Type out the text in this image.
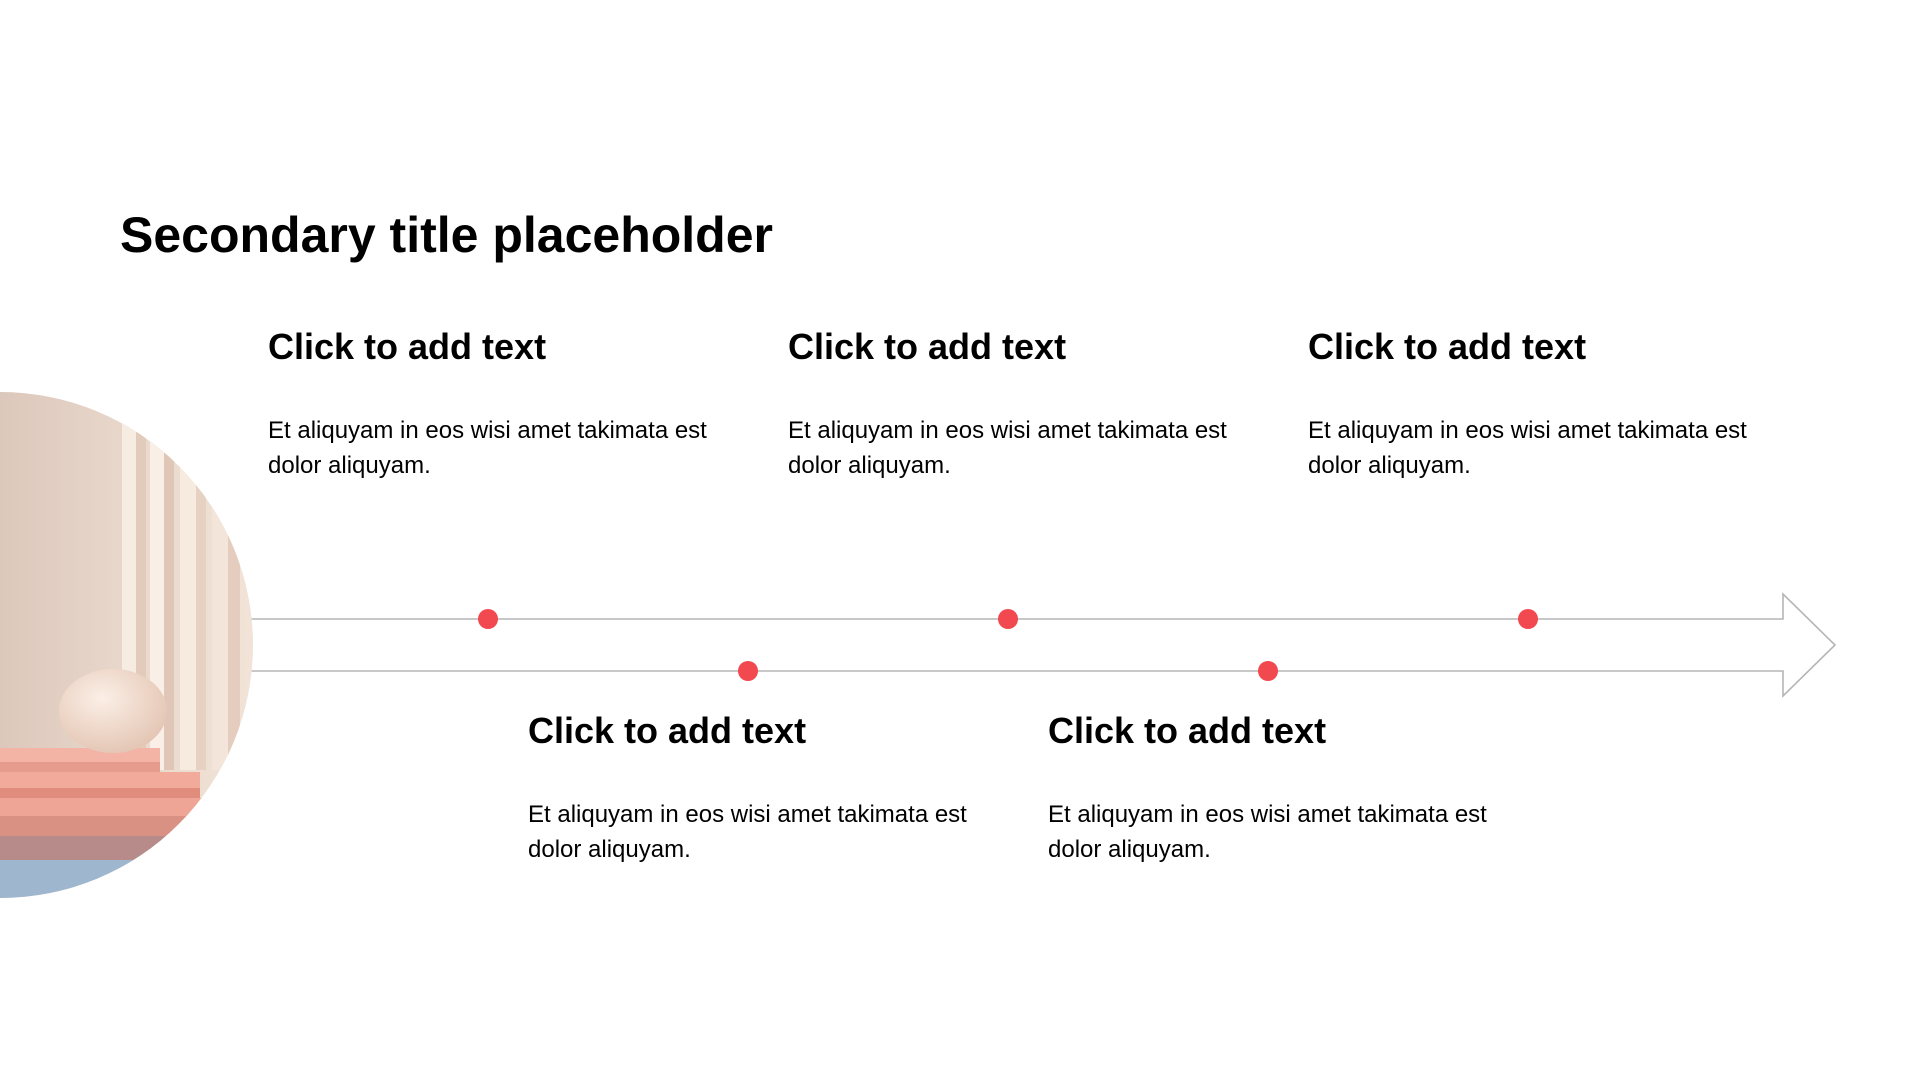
Secondary title placeholder
Click to add text

Et aliquyam in eos wisi amet takimata est dolor aliquyam.

Click to add text

Et aliquyam in eos wisi amet takimata est dolor aliquyam.

Click to add text

Et aliquyam in eos wisi amet takimata est dolor aliquyam.

Click to add text

Et aliquyam in eos wisi amet takimata est dolor aliquyam.

Click to add text

Et aliquyam in eos wisi amet takimata est dolor aliquyam.
